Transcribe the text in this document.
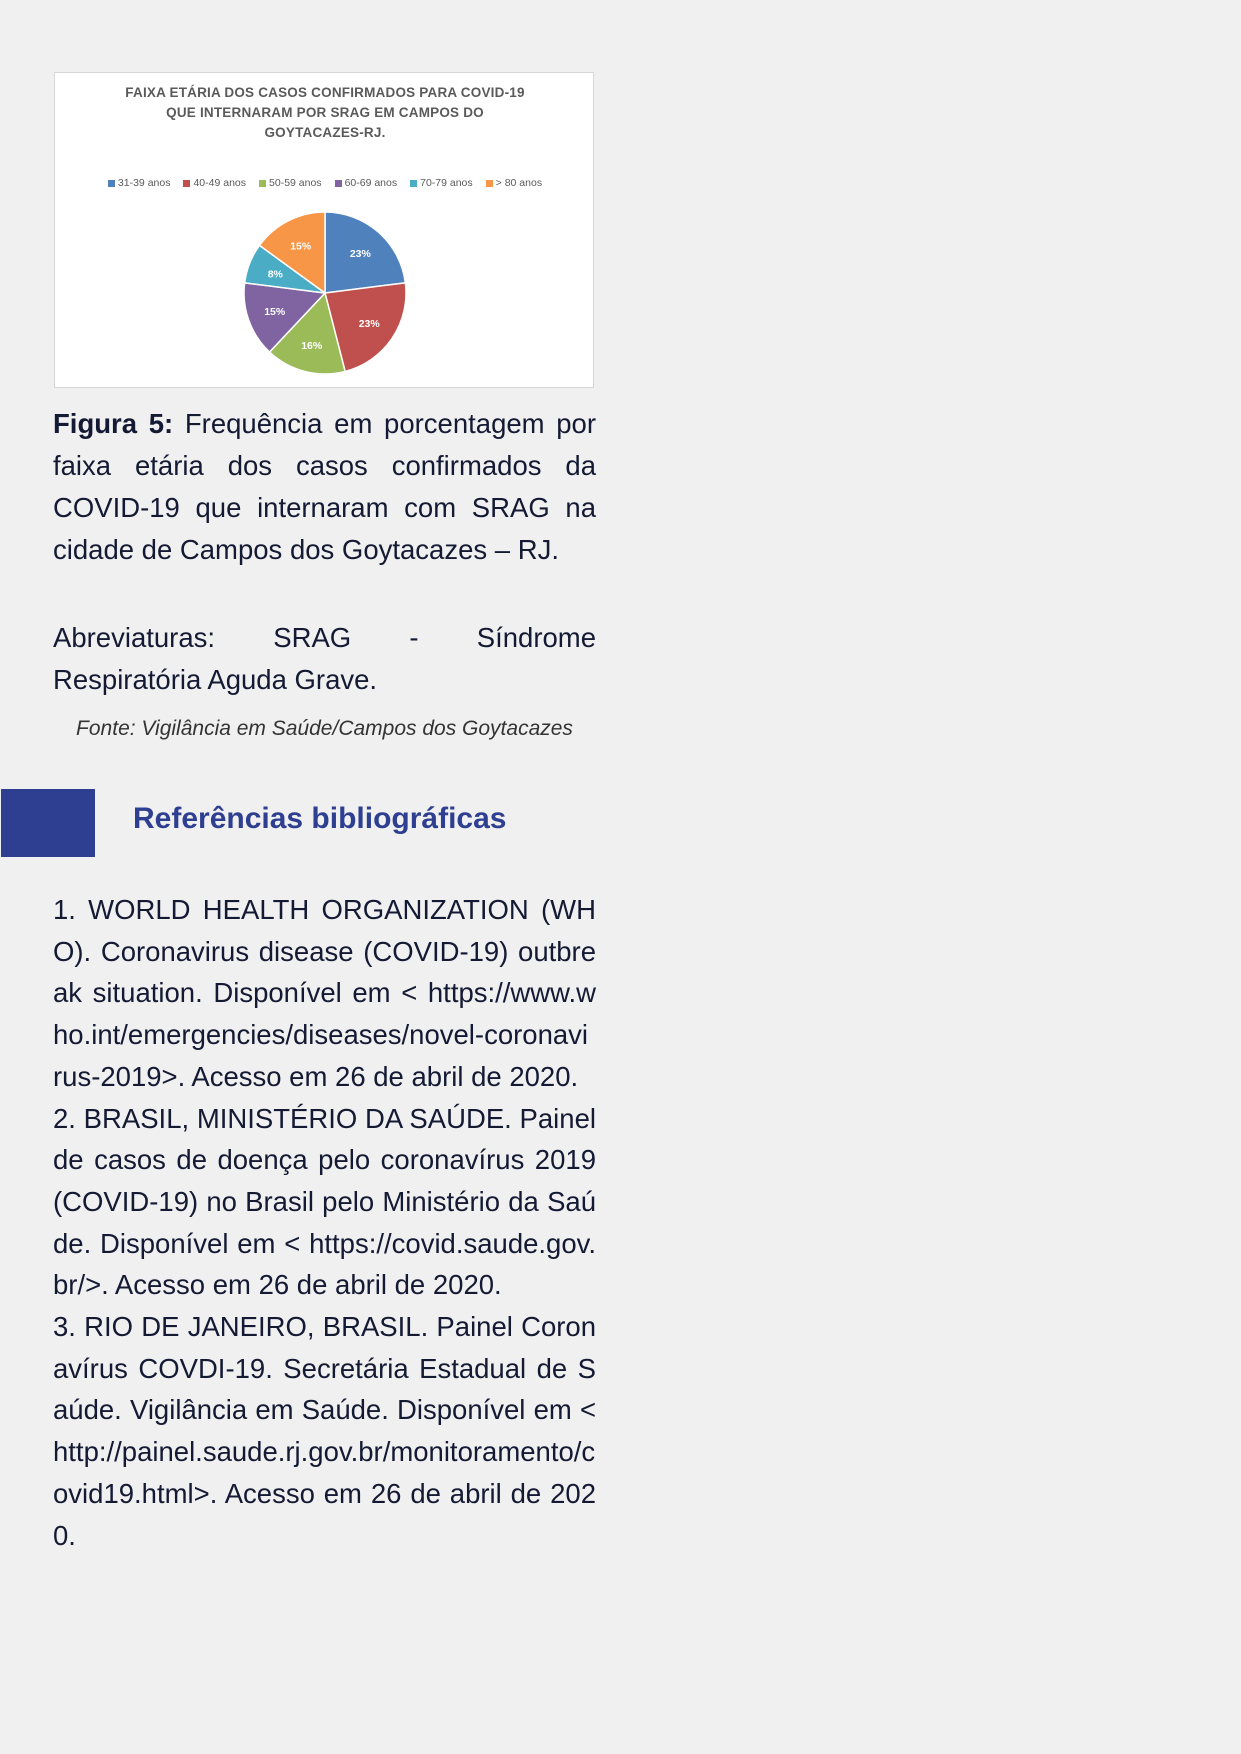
FAIXA ETÁRIA DOS CASOS CONFIRMADOS PARA COVID-19 QUE INTERNARAM POR SRAG EM CAMPOS DO GOYTACAZES-RJ.
31-39 anos 40-49 anos 50-59 anos 60-69 anos 70-79 anos > 80 anos
23%
23%
16%
15%
8%
15%
Figura 5: Frequência em porcentagem por faixa etária dos casos confirmados da COVID-19 que internaram com SRAG na cidade de Campos dos Goytacazes – RJ.
Abreviaturas: SRAG - Síndrome Respiratória Aguda Grave.
Fonte: Vigilância em Saúde/Campos dos Goytacazes
Referências bibliográficas
1. WORLD HEALTH ORGANIZATION (WHO). Coronavirus disease (COVID-19) outbreak situation. Disponível em < https://www.who.int/emergencies/diseases/novel-coronavirus-2019>. Acesso em 26 de abril de 2020.
2. BRASIL, MINISTÉRIO DA SAÚDE. Painel de casos de doença pelo coronavírus 2019 (COVID-19) no Brasil pelo Ministério da Saúde. Disponível em < https://covid.saude.gov.br/>. Acesso em 26 de abril de 2020.
3. RIO DE JANEIRO, BRASIL. Painel Coronavírus COVDI-19. Secretária Estadual de Saúde. Vigilância em Saúde. Disponível em < http://painel.saude.rj.gov.br/monitoramento/covid19.html>. Acesso em 26 de abril de 2020.
